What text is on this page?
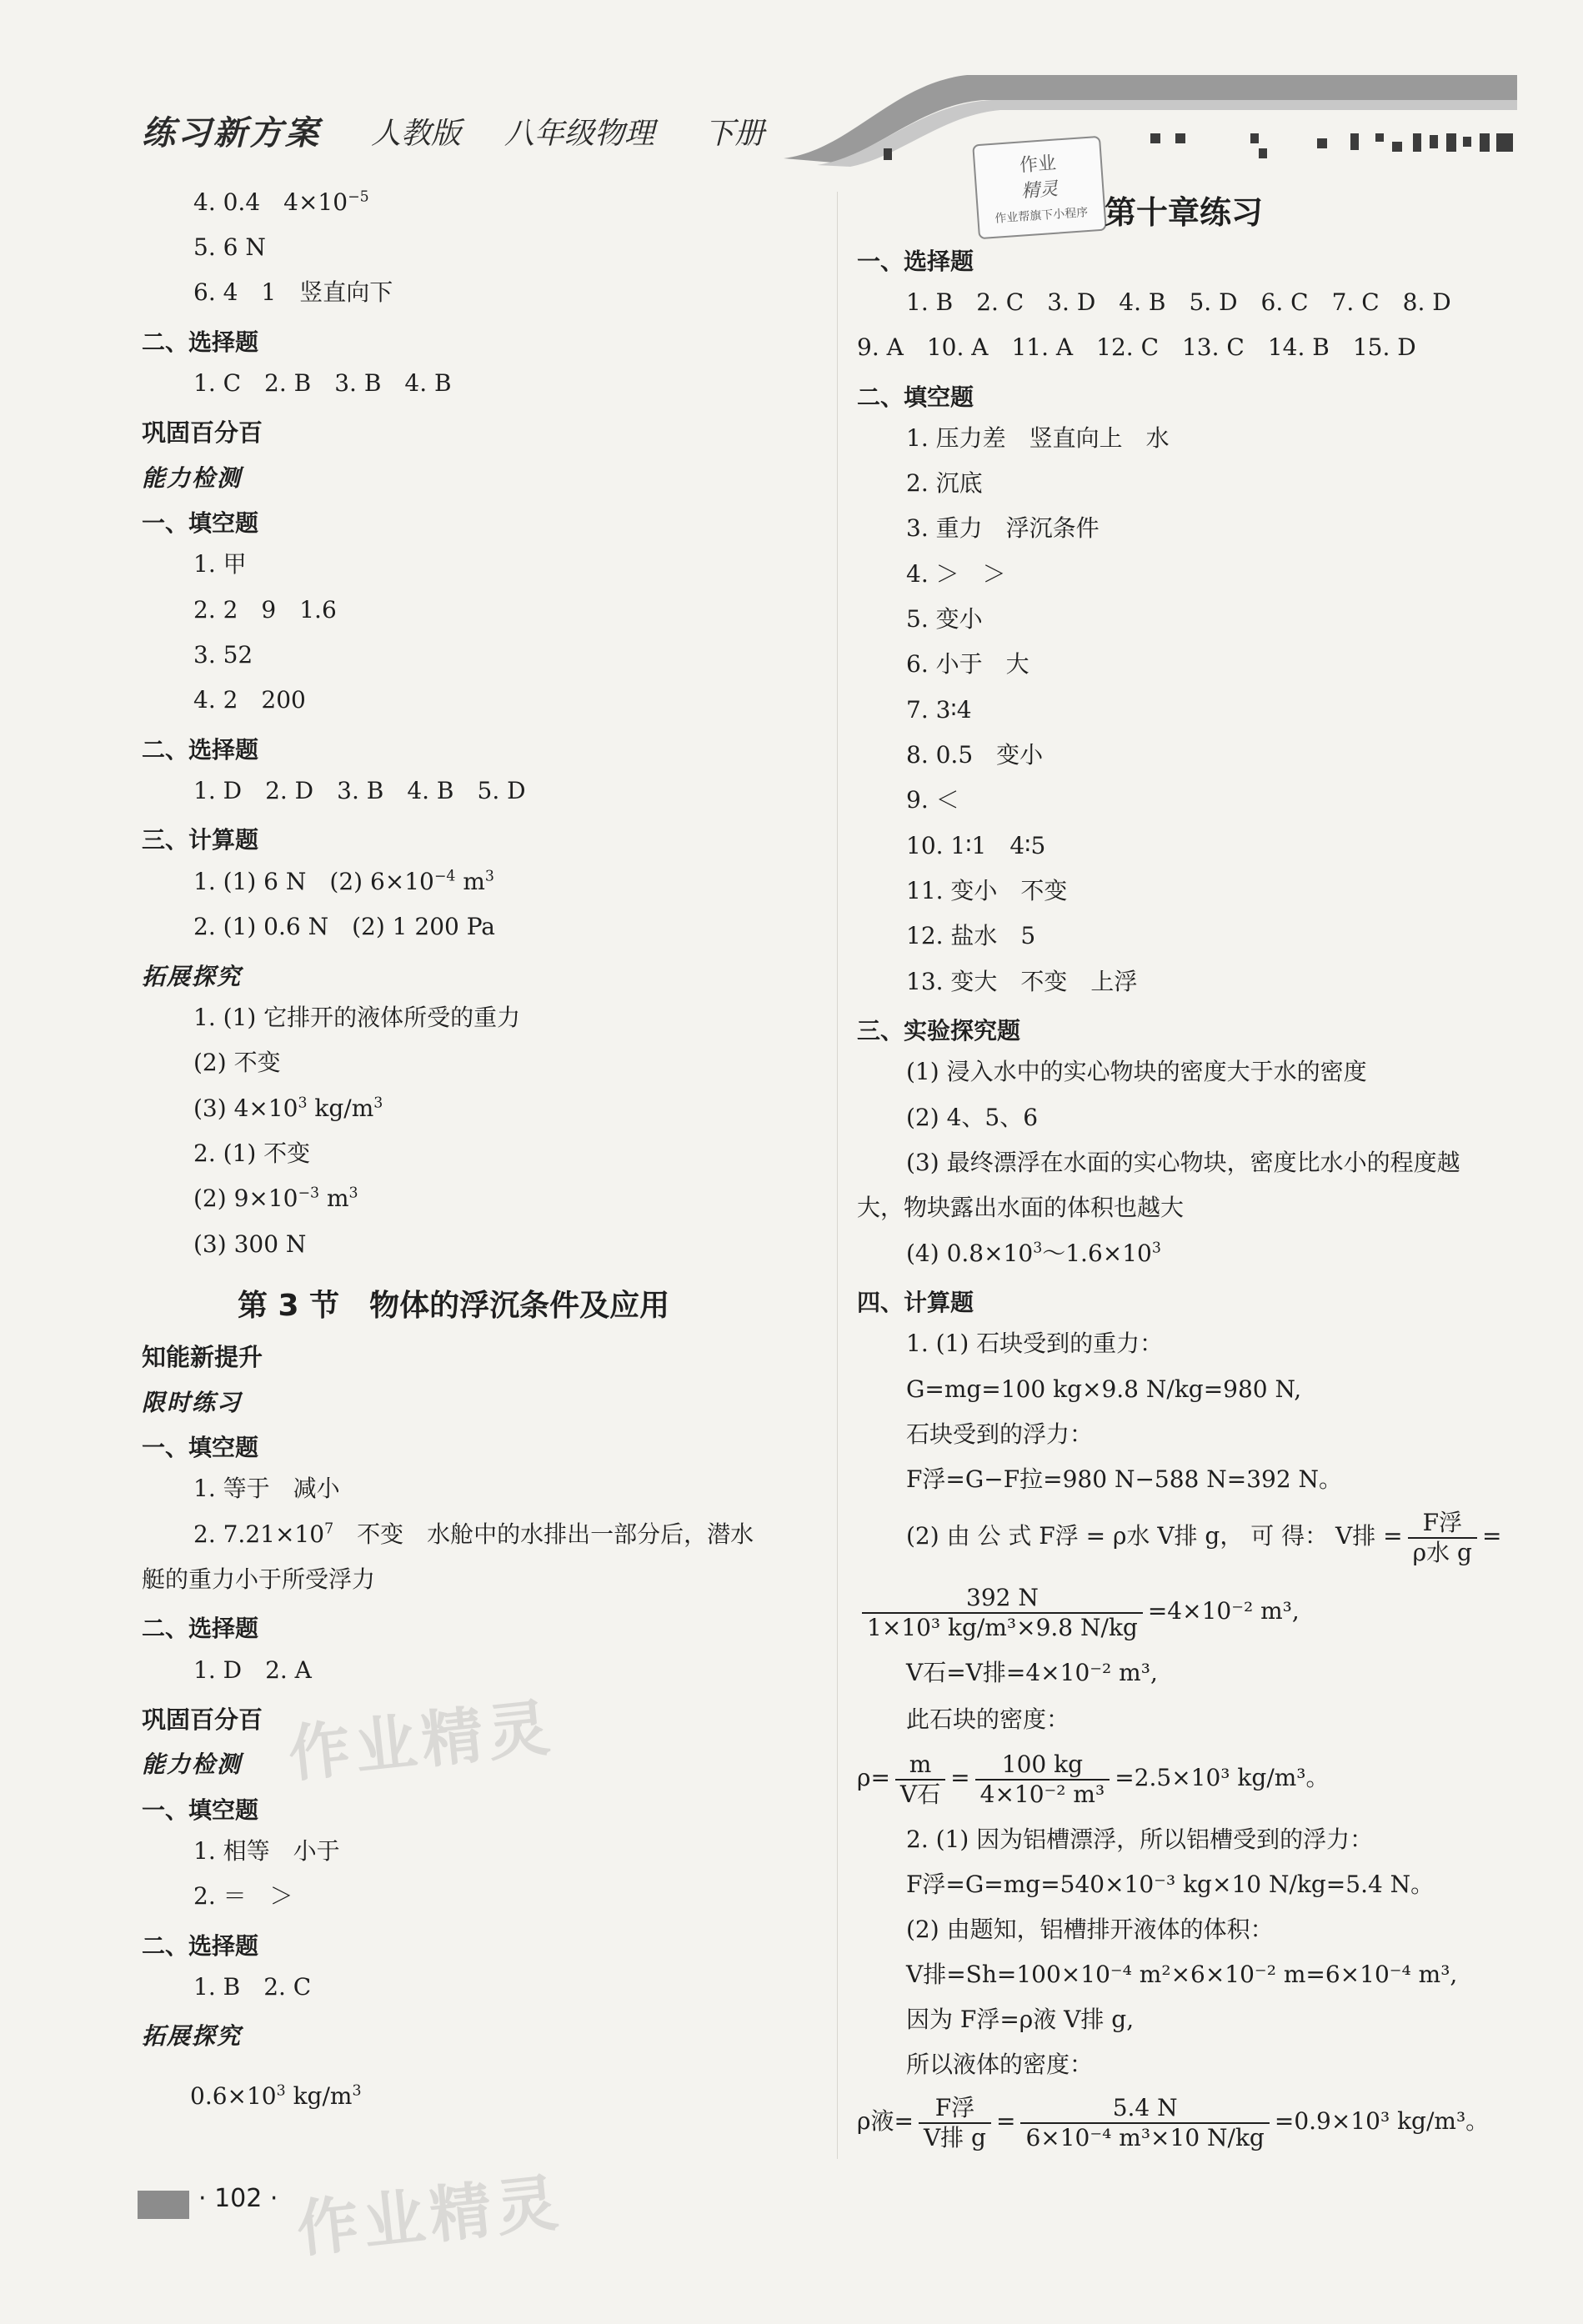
练习新方案 人教版 八年级物理 下册
作业
精灵
作业帮旗下小程序
4. 0.4　$4\times 10^{-5}$
5. 6 N
6. 4　1　竖直向下
二、选择题
1. C　2. B　3. B　4. B
巩固百分百
能力检测
一、填空题
1. 甲
2. 2　9　1.6
3. 52
4. 2　200
二、选择题
1. D　2. D　3. B　4. B　5. D
三、计算题
1. (1) 6 N　(2) $6\times 10^{-4}$ $m^3$
2. (1) 0.6 N　(2) 1 200 Pa
拓展探究
1. (1) 它排开的液体所受的重力
(2) 不变
(3) $4\times 10^3$ $kg/m^3$
2. (1) 不变
(2) $9\times 10^{-3}$ $m^3$
(3) 300 N
第 3 节　物体的浮沉条件及应用
知能新提升
限时练习
一、填空题
1. 等于　减小
2. $7.21\times 10^7$　不变　水舱中的水排出一部分后，潜水
艇的重力小于所受浮力
二、选择题
1. D　2. A
巩固百分百
能力检测
一、填空题
1. 相等　小于
2. ＝　＞
二、选择题
1. B　2. C
拓展探究
$0.6\times 10^3$ $kg/m^3$
第十章练习
一、选择题
1. B　2. C　3. D　4. B　5. D　6. C　7. C　8. D
9. A　10. A　11. A　12. C　13. C　14. B　15. D
二、填空题
1. 压力差　竖直向上　水
2. 沉底
3. 重力　浮沉条件
4. ＞　＞
5. 变小
6. 小于　大
7. 3∶4
8. 0.5　变小
9. ＜
10. 1∶1　4∶5
11. 变小　不变
12. 盐水　5
13. 变大　不变　上浮
三、实验探究题
(1) 浸入水中的实心物块的密度大于水的密度
(2) 4、5、6
(3) 最终漂浮在水面的实心物块，密度比水小的程度越
大，物块露出水面的体积也越大
(4) $0.8\times 10^3\sim 1.6\times 10^3$
四、计算题
1. (1) 石块受到的重力：
G=mg=100 kg×9.8 N/kg=980 N,
石块受到的浮力：
F浮=G−F拉=980 N−588 N=392 N。
(2) 由 公 式 F浮 = ρ水 V排 g， 可 得： V排 = $\frac{\text{F浮}}{\text{ρ水 g}}$ =
$\frac{392 N}{\text{1×10³ kg/m³×9.8 N/kg}} =4\times 10^{-2}$ m³,
V石=V排=4×10⁻² m³,
此石块的密度：
$\rho= \frac{m}{\text{V石}} = \frac{100 kg}{\text{4×10⁻² m³}} =2.5\times 10^3$ kg/m³。
2. (1) 因为铝槽漂浮，所以铝槽受到的浮力：
F浮=G=mg=540×10⁻³ kg×10 N/kg=5.4 N。
(2) 由题知，铝槽排开液体的体积：
V排=Sh=100×10⁻⁴ m²×6×10⁻² m=6×10⁻⁴ m³,
因为 F浮=ρ液 V排 g,
所以液体的密度：
ρ液= $\frac{\text{F浮}}{\text{V排 g}} = \frac{5.4 N}{\text{6×10⁻⁴ m³×10 N/kg}} =0.9\times 10^3$ kg/m³。
作业精灵
作业精灵
· 102 ·
